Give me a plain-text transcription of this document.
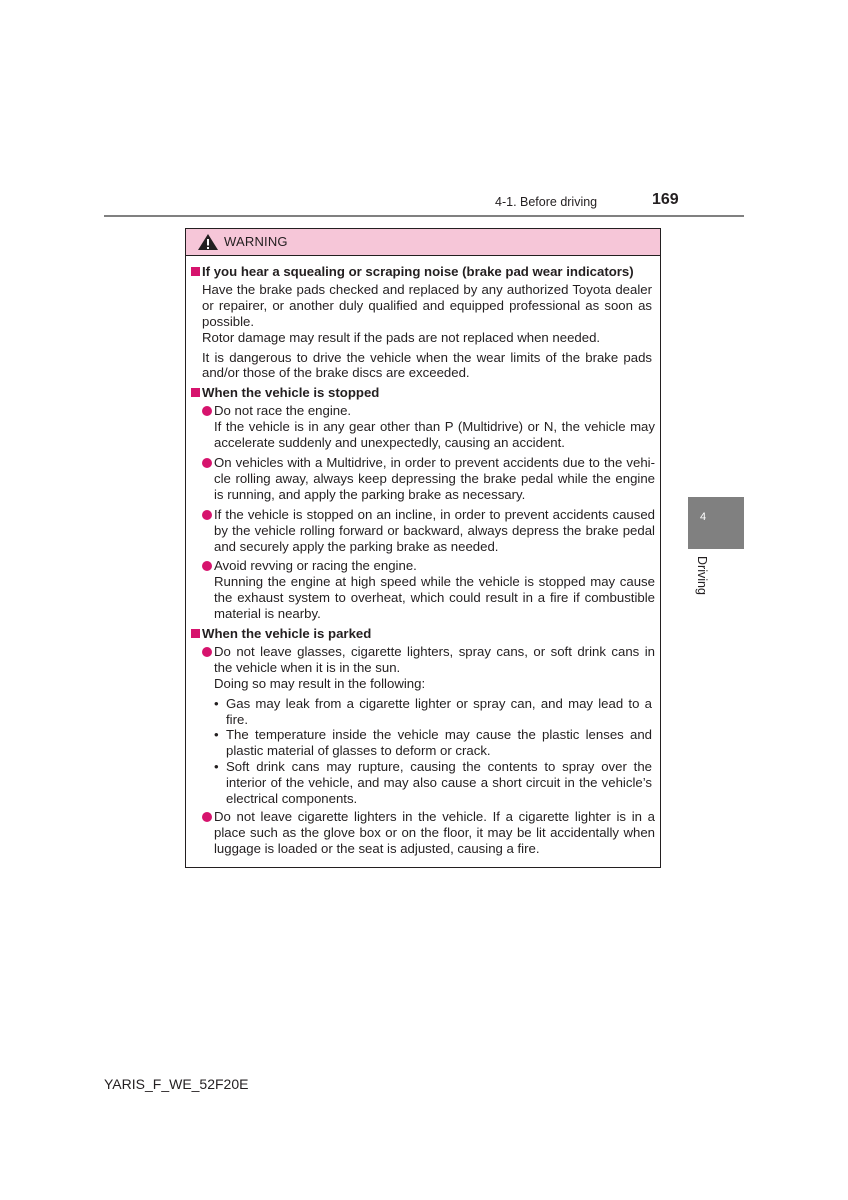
4-1. Before driving	169
4
Driving
WARNING
If you hear a squealing or scraping noise (brake pad wear indicators)

Have the brake pads checked and replaced by any authorized Toyota dealer or repairer, or another duly qualified and equipped professional as soon as possible.

Rotor damage may result if the pads are not replaced when needed.

It is dangerous to drive the vehicle when the wear limits of the brake pads and/or those of the brake discs are exceeded.

When the vehicle is stopped

Do not race the engine.

If the vehicle is in any gear other than P (Multidrive) or N, the vehicle may accelerate suddenly and unexpectedly, causing an accident.

On vehicles with a Multidrive, in order to prevent accidents due to the vehi-cle rolling away, always keep depressing the brake pedal while the engine is running, and apply the parking brake as necessary.

If the vehicle is stopped on an incline, in order to prevent accidents caused by the vehicle rolling forward or backward, always depress the brake pedal and securely apply the parking brake as needed.

Avoid revving or racing the engine.

Running the engine at high speed while the vehicle is stopped may cause the exhaust system to overheat, which could result in a fire if combustible material is nearby.

When the vehicle is parked

Do not leave glasses, cigarette lighters, spray cans, or soft drink cans in the vehicle when it is in the sun.

Doing so may result in the following:

• Gas may leak from a cigarette lighter or spray can, and may lead to a fire.
• The temperature inside the vehicle may cause the plastic lenses and plastic material of glasses to deform or crack.
• Soft drink cans may rupture, causing the contents to spray over the interior of the vehicle, and may also cause a short circuit in the vehicle’s electrical components.

Do not leave cigarette lighters in the vehicle. If a cigarette lighter is in a place such as the glove box or on the floor, it may be lit accidentally when luggage is loaded or the seat is adjusted, causing a fire.

YARIS_F_WE_52F20E
